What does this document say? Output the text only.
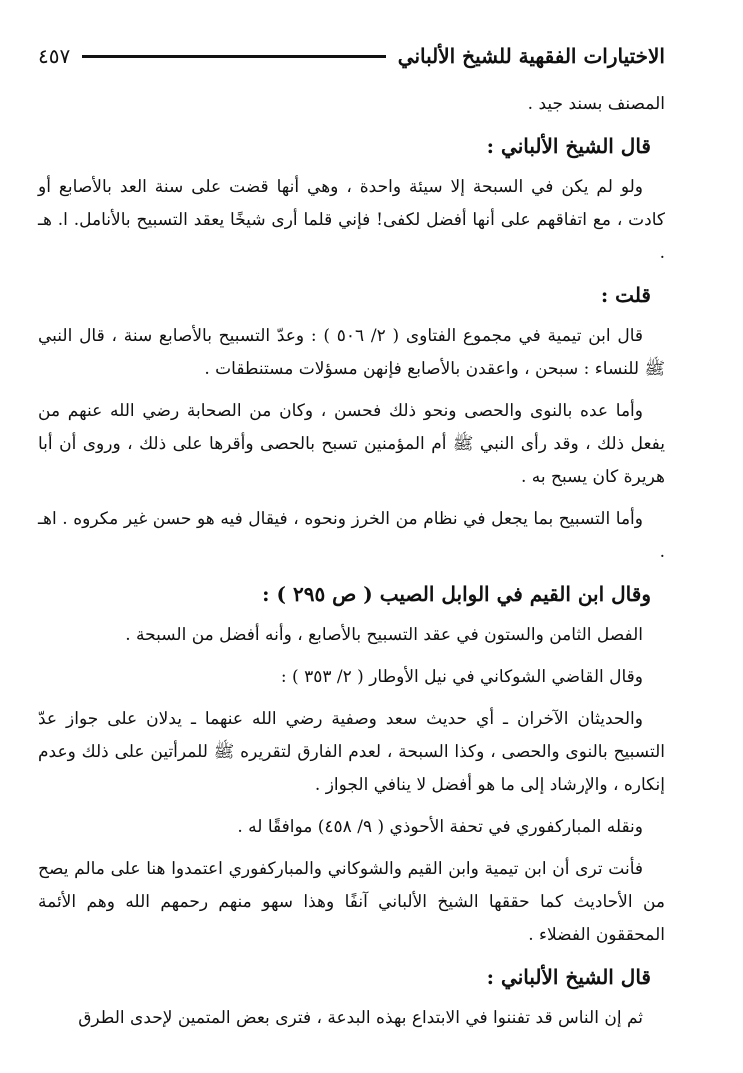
الاختيارات الفقهية للشيخ الألباني
٤٥٧

المصنف بسند جيد .

قال الشيخ الألباني :

ولو لم يكن في السبحة إلا سيئة واحدة ، وهي أنها قضت على سنة العد بالأصابع أو كادت ، مع اتفاقهم على أنها أفضل لكفى! فإني قلما أرى شيخًا يعقد التسبيح بالأنامل. ا. هـ .

قلت :

قال ابن تيمية في مجموع الفتاوى ( ٢/ ٥٠٦ ) : وعدّ التسبيح بالأصابع سنة ، قال النبي ﷺ للنساء : سبحن ، واعقدن بالأصابع فإنهن مسؤلات مستنطقات .

وأما عده بالنوى والحصى ونحو ذلك فحسن ، وكان من الصحابة رضي الله عنهم من يفعل ذلك ، وقد رأى النبي ﷺ أم المؤمنين تسبح بالحصى وأقرها على ذلك ، وروى أن أبا هريرة كان يسبح به .

وأما التسبيح بما يجعل في نظام من الخرز ونحوه ، فيقال فيه هو حسن غير مكروه . اهـ .

وقال ابن القيم في الوابل الصيب ( ص ٢٩٥ ) :

الفصل الثامن والستون في عقد التسبيح بالأصابع ، وأنه أفضل من السبحة .

وقال القاضي الشوكاني في نيل الأوطار ( ٢/ ٣٥٣ ) :

والحديثان الآخران ـ أي حديث سعد وصفية رضي الله عنهما ـ يدلان على جواز عدّ التسبيح بالنوى والحصى ، وكذا السبحة ، لعدم الفارق لتقريره ﷺ للمرأتين على ذلك وعدم إنكاره ، والإرشاد إلى ما هو أفضل لا ينافي الجواز .

ونقله المباركفوري في تحفة الأحوذي ( ٩/ ٤٥٨) موافقًا له .

فأنت ترى أن ابن تيمية وابن القيم والشوكاني والمباركفوري اعتمدوا هنا على مالم يصح من الأحاديث كما حققها الشيخ الألباني آنفًا وهذا سهو منهم رحمهم الله وهم الأئمة المحققون الفضلاء .

قال الشيخ الألباني :

ثم إن الناس قد تفننوا في الابتداع بهذه البدعة ، فترى بعض المتمين لإحدى الطرق
